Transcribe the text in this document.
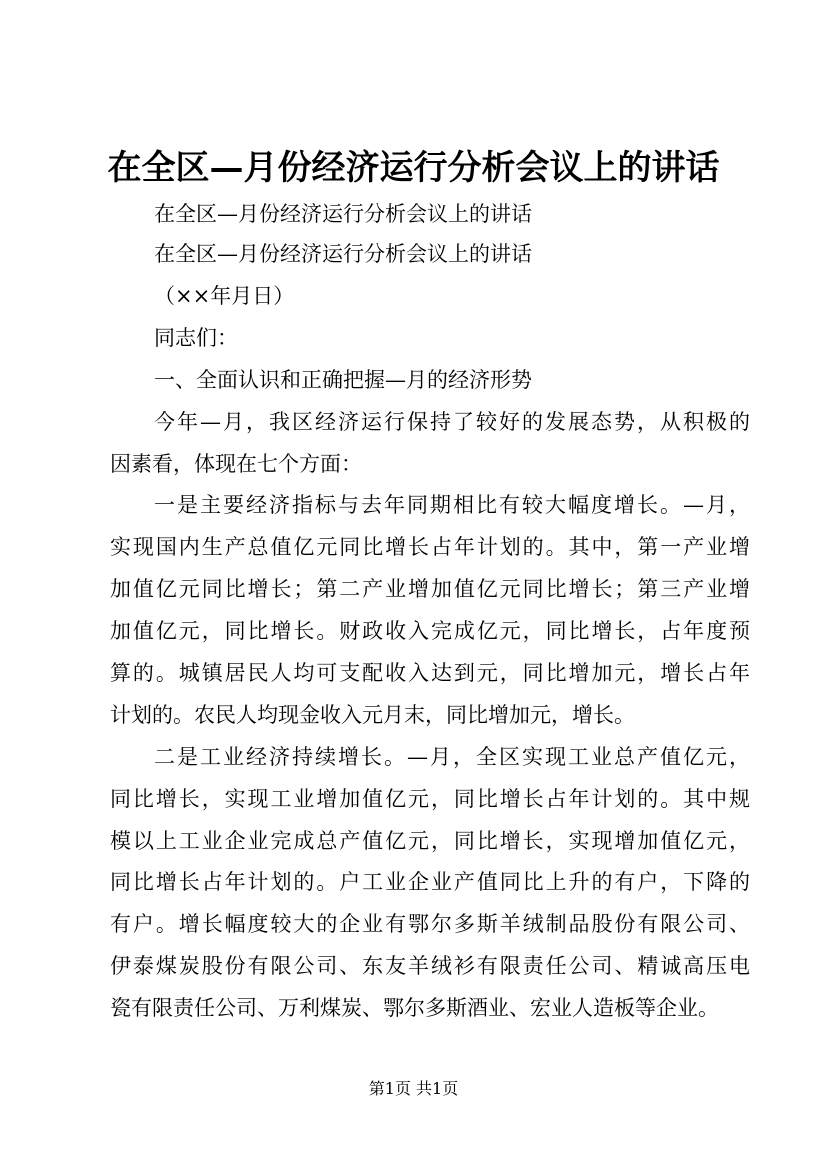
在全区—月份经济运行分析会议上的讲话
在全区—月份经济运行分析会议上的讲话
在全区—月份经济运行分析会议上的讲话
（××年月日）
同志们：
一、全面认识和正确把握—月的经济形势
今年—月，我区经济运行保持了较好的发展态势，从积极的
因素看，体现在七个方面：
一是主要经济指标与去年同期相比有较大幅度增长。—月，
实现国内生产总值亿元同比增长占年计划的。其中，第一产业增
加值亿元同比增长；第二产业增加值亿元同比增长；第三产业增
加值亿元，同比增长。财政收入完成亿元，同比增长，占年度预
算的。城镇居民人均可支配收入达到元，同比增加元，增长占年
计划的。农民人均现金收入元月末，同比增加元，增长。
二是工业经济持续增长。—月，全区实现工业总产值亿元，
同比增长，实现工业增加值亿元，同比增长占年计划的。其中规
模以上工业企业完成总产值亿元，同比增长，实现增加值亿元，
同比增长占年计划的。户工业企业产值同比上升的有户，下降的
有户。增长幅度较大的企业有鄂尔多斯羊绒制品股份有限公司、
伊泰煤炭股份有限公司、东友羊绒衫有限责任公司、精诚高压电
瓷有限责任公司、万利煤炭、鄂尔多斯酒业、宏业人造板等企业。
第1页 共1页
